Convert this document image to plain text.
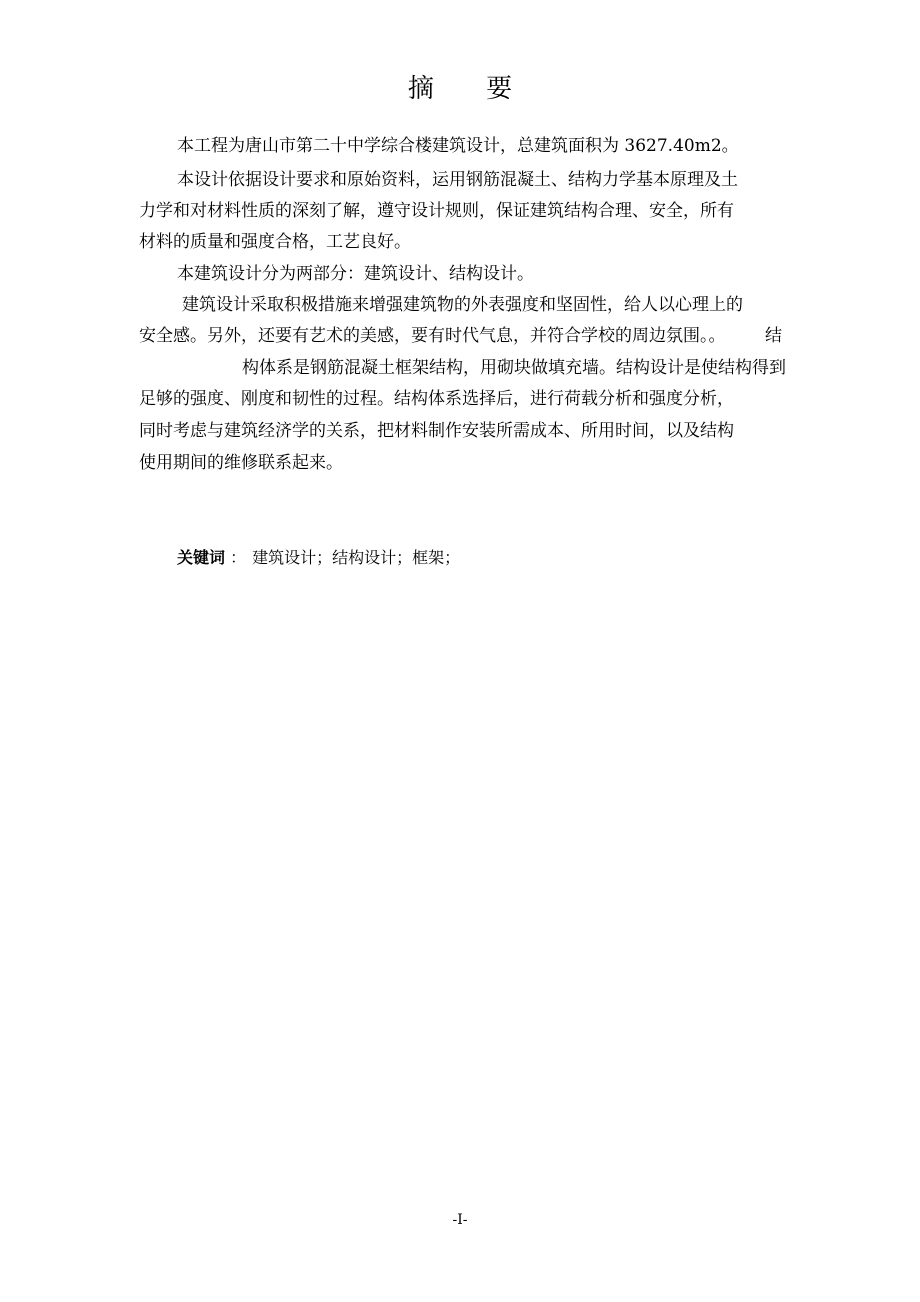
摘 要
本工程为唐山市第二十中学综合楼建筑设计，总建筑面积为 3627.40m2。
本设计依据设计要求和原始资料，运用钢筋混凝土、结构力学基本原理及土
力学和对材料性质的深刻了解，遵守设计规则，保证建筑结构合理、安全，所有
材料的质量和强度合格，工艺良好。
本建筑设计分为两部分：建筑设计、结构设计。
建筑设计采取积极措施来增强建筑物的外表强度和坚固性，给人以心理上的
安全感。另外，还要有艺术的美感，要有时代气息，并符合学校的周边氛围。。 结
构体系是钢筋混凝土框架结构，用砌块做填充墙。结构设计是使结构得到
足够的强度、刚度和韧性的过程。结构体系选择后，进行荷载分析和强度分析，
同时考虑与建筑经济学的关系，把材料制作安装所需成本、所用时间，以及结构
使用期间的维修联系起来。
关键词 ： 建筑设计；结构设计；框架；
-I-
